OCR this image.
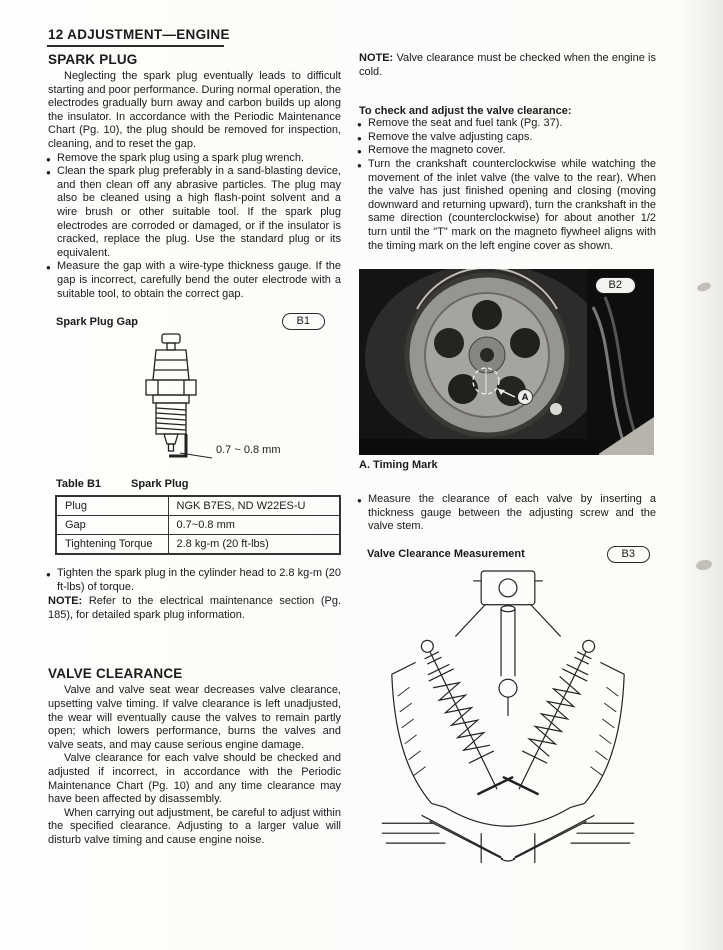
12 ADJUSTMENT—ENGINE
SPARK PLUG

Neglecting the spark plug eventually leads to difficult starting and poor performance. During normal operation, the electrodes gradually burn away and carbon builds up along the insulator. In accordance with the Periodic Maintenance Chart (Pg. 10), the plug should be removed for inspection, cleaning, and to reset the gap.

● Remove the spark plug using a spark plug wrench.
● Clean the spark plug preferably in a sand-blasting device, and then clean off any abrasive particles. The plug may also be cleaned using a high flash-point solvent and a wire brush or other suitable tool. If the spark plug electrodes are corroded or damaged, or if the insulator is cracked, replace the plug. Use the standard plug or its equivalent.
● Measure the gap with a wire-type thickness gauge. If the gap is incorrect, carefully bend the outer electrode with a suitable tool, to obtain the correct gap.
Spark Plug Gap	B1
0.7 ~ 0.8 mm
Table B1	Spark Plug
Plug	NGK B7ES, ND W22ES-U
Gap	0.7~0.8 mm
Tightening Torque	2.8 kg-m (20 ft-lbs)
● Tighten the spark plug in the cylinder head to 2.8 kg-m (20 ft-lbs) of torque.

NOTE: Refer to the electrical maintenance section (Pg. 185), for detailed spark plug information.

VALVE CLEARANCE

Valve and valve seat wear decreases valve clearance, upsetting valve timing. If valve clearance is left unadjusted, the wear will eventually cause the valves to remain partly open; which lowers performance, burns the valves and valve seats, and may cause serious engine damage.

Valve clearance for each valve should be checked and adjusted if incorrect, in accordance with the Periodic Maintenance Chart (Pg. 10) and any time clearance may have been affected by disassembly.

When carrying out adjustment, be careful to adjust within the specified clearance. Adjusting to a larger value will disturb valve timing and cause engine noise.

NOTE: Valve clearance must be checked when the engine is cold.

To check and adjust the valve clearance:
● Remove the seat and fuel tank (Pg. 37).
● Remove the valve adjusting caps.
● Remove the magneto cover.
● Turn the crankshaft counterclockwise while watching the movement of the inlet valve (the valve to the rear). When the valve has just finished opening and closing (moving downward and returning upward), turn the crankshaft in the same direction (counterclockwise) for about another 1/2 turn until the "T" mark on the magneto flywheel aligns with the timing mark on the left engine cover as shown.
B2
A
A. Timing Mark
● Measure the clearance of each valve by inserting a thickness gauge between the adjusting screw and the valve stem.
Valve Clearance Measurement	B3
